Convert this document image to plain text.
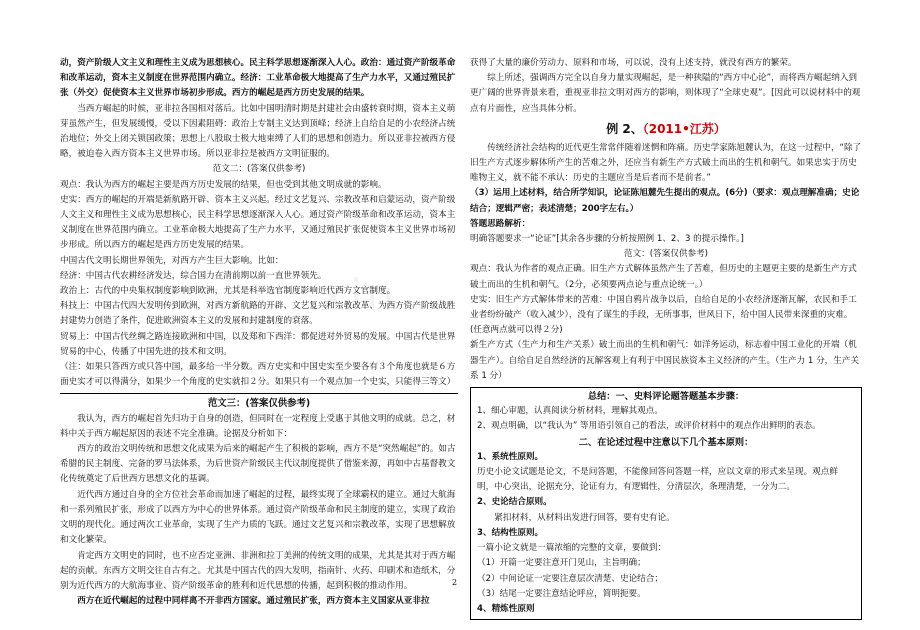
xin

动，资产阶级人文主义和理性主义成为思想核心。民主科学思想逐渐深入人心。政治：通过资产阶级革命和改革运动，资本主义制度在世界范围内确立。经济：工业革命极大地提高了生产力水平，又通过殖民扩张（外交）促使资本主义世界市场初步形成。西方的崛起是西方历史发展的结果。

当西方崛起的时候，亚非拉各国相对落后。比如中国明清时期是封建社会由盛转衰时期，资本主义萌芽虽然产生，但发展缓慢，受以下因素阻碍：政治上专制主义达到顶峰；经济上自给自足的小农经济占统治地位；外交上闭关锁国政策；思想上八股取士极大地束缚了人们的思想和创造力。所以亚非拉被西方侵略，被迫卷入西方资本主义世界市场。所以亚非拉是被西方文明征服的。

范文二：(答案仅供参考)

观点：我认为西方的崛起主要是西方历史发展的结果，但也受到其他文明成就的影响。

史实：西方的崛起的开端是新航路开辟、资本主义兴起。经过文艺复兴、宗教改革和启蒙运动，资产阶级人文主义和理性主义成为思想核心，民主科学思想逐渐深入人心。通过资产阶级革命和改革运动，资本主义制度在世界范围内确立。工业革命极大地提高了生产力水平，又通过殖民扩张促使资本主义世界市场初步形成。所以西方的崛起是西方历史发展的结果。

中国古代文明长期世界领先，对西方产生巨大影响。比如：

经济：中国古代农耕经济发达，综合国力在清前期以前一直世界领先。

政治上：古代的中央集权制度影响到欧洲，尤其是科举选官制度影响近代西方文官制度。

科技上：中国古代四大发明传到欧洲，对西方新航路的开辟、文艺复兴和宗教改革、为西方资产阶级战胜封建势力创造了条件，促进欧洲资本主义的发展和封建制度的衰落。

贸易上：中国古代丝绸之路连接欧洲和中国，以及郑和下西洋：都促进对外贸易的发展。中国古代是世界贸易的中心，传播了中国先进的技术和文明。

（注：如果只答西方或只答中国，最多给一半分数。西方史实和中国史实至少要各有３个角度也就是６方面史实才可以得满分，如果少一个角度的史实就扣２分。如果只有一个观点加一个史实，只能得三等文）

范文三：(答案仅供参考)

我认为，西方的崛起首先归功于自身的创造，但同时在一定程度上受惠于其他文明的成就。总之，材料中关于西方崛起原因的表述不完全准确。论据及分析如下：

西方的政治文明传统和思想文化成果为后来的崛起产生了积极的影响，西方不是“突然崛起”的。如古希腊的民主制度、完备的罗马法体系，为后世资产阶级民主代议制度提供了借鉴来源，再如中古基督教文化传统奠定了后世西方思想文化的基调。

近代西方通过自身的全方位社会革命而加速了崛起的过程，最终实现了全球霸权的建立。通过大航海和一系列殖民扩张，形成了以西方为中心的世界体系。通过资产阶级革命和民主制度的建立，实现了政治文明的现代化。通过两次工业革命，实现了生产力质的飞跃。通过文艺复兴和宗教改革，实现了思想解放和文化繁荣。

肯定西方文明史的同时，也不应否定亚洲、非洲和拉丁美洲的传统文明的成果，尤其是其对于西方崛起的贡献。东西方文明交往自古有之。尤其是中国古代的四大发明，指南针、火药、印刷术和造纸术，分别为近代西方的大航海事业、资产阶级革命的胜利和近代思想的传播，起到积极的推动作用。

西方在近代崛起的过程中同样离不开非西方国家。通过殖民扩张，西方资本主义国家从亚非拉

获得了大量的廉价劳动力、原料和市场，可以说，没有上述支持，就没有西方的繁荣。

综上所述，强调西方完全以自身力量实现崛起，是一种狭隘的“西方中心论”，而将西方崛起纳入到更广阔的世界背景来看，重视亚非拉文明对西方的影响，则体现了“全球史观”。[因此可以说材料中的观点有片面性，应当具体分析。

例 2、（2011•江苏）

传统经济社会结构的近代更生常常伴随着迷惘和阵痛。历史学家陈旭麓认为，在这一过程中，“除了旧生产方式逐步解体所产生的苦难之外，还应当有新生产方式破土而出的生机和朝气。如果忠实于历史唯物主义，就不能不承认：历史的主题应当是后者而不是前者。”

（3）运用上述材料，结合所学知识，论证陈旭麓先生提出的观点。(6分)（要求：观点理解准确；史论结合；逻辑严密；表述清楚；200字左右。）

答题思路解析：

明确答题要求一“论证”[其余各步骤的分析按照例 1、2、3 的提示操作。]

范文：(答案仅供参考)

观点：我认为作者的观点正确。旧生产方式解体虽然产生了苦难，但历史的主题更主要的是新生产方式破土而出的生机和朝气。（2分，必须要两点论与重点论统一。）

史实：旧生产方式解体带来的苦难：中国自鸦片战争以后，自给自足的小农经济逐渐瓦解，农民和手工业者纷纷破产（收入减少），没有了谋生的手段，无所事事，世风日下，给中国人民带来深重的灾难。(任意两点就可以得２分)

新生产方式（生产力和生产关系）破土而出的生机和朝气：如洋务运动，标志着中国工业化的开端（机器生产）。自给自足自然经济的瓦解客观上有利于中国民族资本主义经济的产生。（生产力 1 分，生产关系 1 分）

总结：一、史料评论题答题基本步骤：

1、细心审题，认真阅读分析材料，理解其观点。

2、观点明确，以“我认为” 等用语引领自己的看法，或评价材料中的观点作出鲜明的表态。

二、在论述过程中注意以下几个基本原则：

1、系统性原则。

历史小论文试题是论文，不是问答题，不能像回答问答题一样，应以文章的形式来呈现。观点鲜明，中心突出，论据充分，论证有力，有逻辑性，分清层次，条理清楚，一分为二。

2、史论结合原则。

紧扣材料，从材料出发进行回答，要有史有论。

3、结构性原则。

一篇小论文就是一篇浓缩的完整的文章，要做到：

（1）开篇一定要注意开门见山，主旨明确；

（2）中间论证一定要注意层次清楚、史论结合；

（3）结尾一定要注意结论呼应，简明扼要。

4、精炼性原则

2
